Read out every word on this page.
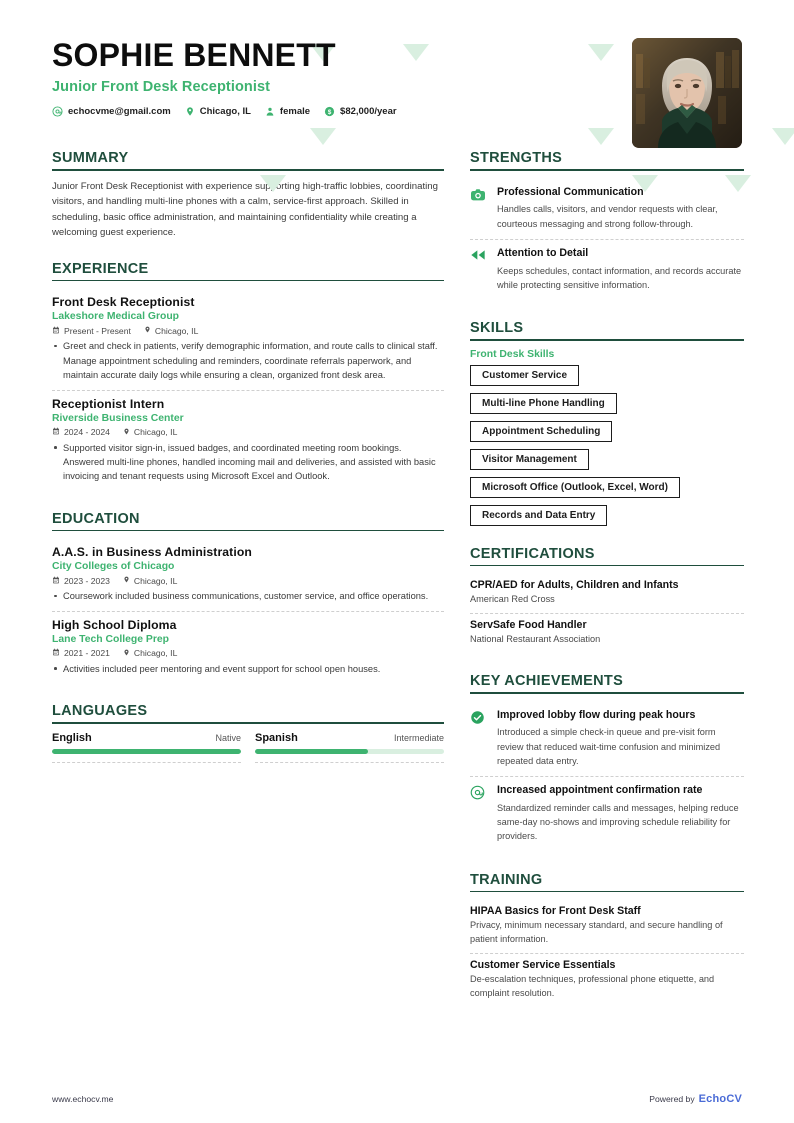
SOPHIE BENNETT
Junior Front Desk Receptionist
echocvme@gmail.com	Chicago, IL	female $ $82,000/year
SUMMARY
Junior Front Desk Receptionist with experience supporting high-traffic lobbies, coordinating visitors, and handling multi-line phones with a calm, service-first approach. Skilled in scheduling, basic office administration, and maintaining confidentiality while creating a welcoming guest experience.
EXPERIENCE
Front Desk Receptionist
Lakeshore Medical Group
Present - Present	Chicago, IL
Greet and check in patients, verify demographic information, and route calls to clinical staff. Manage appointment scheduling and reminders, coordinate referrals paperwork, and maintain accurate daily logs while ensuring a clean, organized front desk area.
Receptionist Intern
Riverside Business Center
2024 - 2024	Chicago, IL
Supported visitor sign-in, issued badges, and coordinated meeting room bookings. Answered multi-line phones, handled incoming mail and deliveries, and assisted with basic invoicing and tenant requests using Microsoft Excel and Outlook.
EDUCATION
A.A.S. in Business Administration
City Colleges of Chicago
2023 - 2023	Chicago, IL
Coursework included business communications, customer service, and office operations.
High School Diploma
Lane Tech College Prep
2021 - 2021	Chicago, IL
Activities included peer mentoring and event support for school open houses.
LANGUAGES
English	Native Spanish	Intermediate
STRENGTHS
Professional Communication
Handles calls, visitors, and vendor requests with clear, courteous messaging and strong follow-through.
Attention to Detail
Keeps schedules, contact information, and records accurate while protecting sensitive information.
SKILLS
Front Desk Skills
Customer Service
Multi-line Phone Handling
Appointment Scheduling
Visitor Management
Microsoft Office (Outlook, Excel, Word)
Records and Data Entry
CERTIFICATIONS
CPR/AED for Adults, Children and Infants
American Red Cross
ServSafe Food Handler
National Restaurant Association
KEY ACHIEVEMENTS
Improved lobby flow during peak hours
Introduced a simple check-in queue and pre-visit form review that reduced wait-time confusion and minimized repeated data entry.
Increased appointment confirmation rate
Standardized reminder calls and messages, helping reduce same-day no-shows and improving schedule reliability for providers.
TRAINING
HIPAA Basics for Front Desk Staff
Privacy, minimum necessary standard, and secure handling of patient information.
Customer Service Essentials
De-escalation techniques, professional phone etiquette, and complaint resolution.
www.echocv.me	Powered by EchoCV
